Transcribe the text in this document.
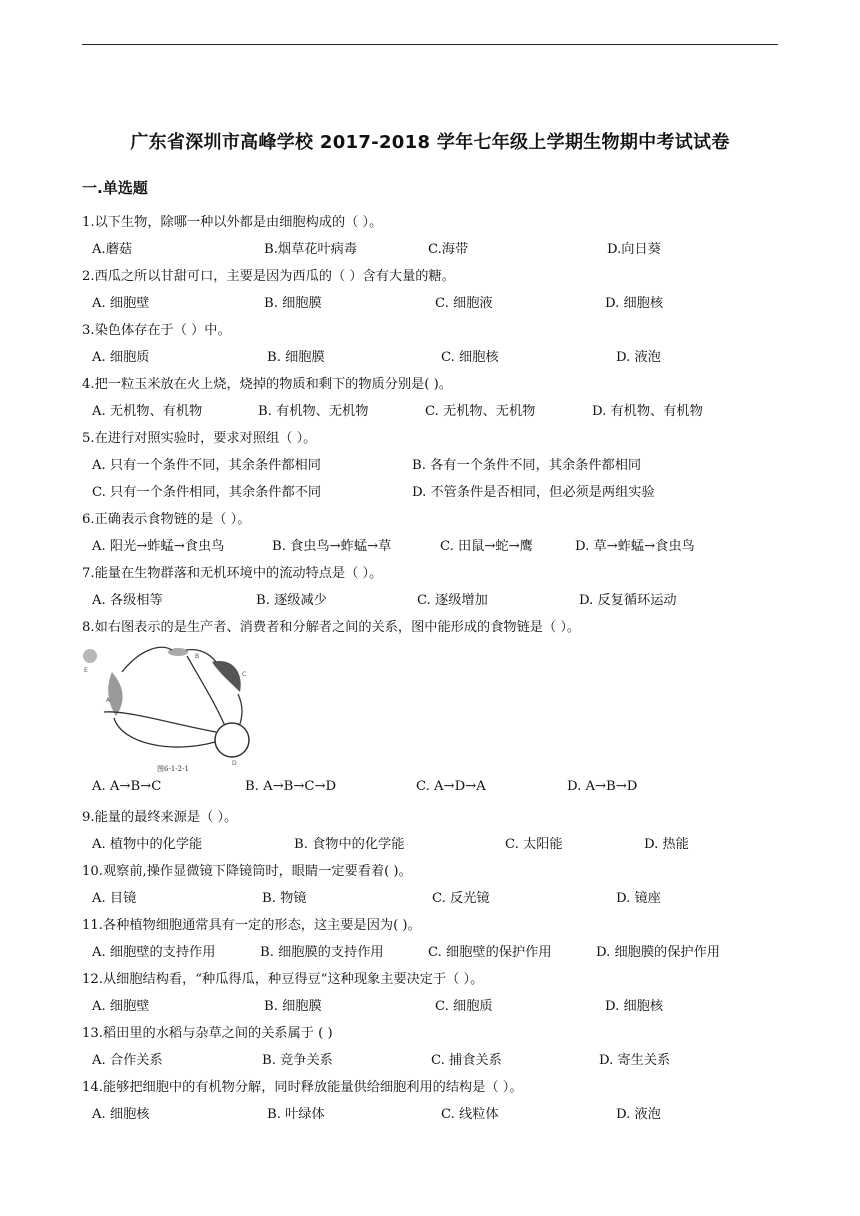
广东省深圳市高峰学校 2017-2018 学年七年级上学期生物期中考试试卷
一.单选题
1.以下生物，除哪一种以外都是由细胞构成的（ ）。
A.蘑菇	B.烟草花叶病毒	C.海带	D.向日葵
2.西瓜之所以甘甜可口，主要是因为西瓜的（ ）含有大量的糖。
A. 细胞壁	B. 细胞膜	C. 细胞液	D. 细胞核
3.染色体存在于（ ）中。
A. 细胞质	B. 细胞膜	C. 细胞核	D. 液泡
4.把一粒玉米放在火上烧，烧掉的物质和剩下的物质分别是( )。
A. 无机物、有机物	B. 有机物、无机物	C. 无机物、无机物	D. 有机物、有机物
5.在进行对照实验时，要求对照组（ ）。
A. 只有一个条件不同，其余条件都相同	B. 各有一个条件不同，其余条件都相同
C. 只有一个条件相同，其余条件都不同	D. 不管条件是否相同，但必须是两组实验
6.正确表示食物链的是（ ）。
A. 阳光→蚱蜢→食虫鸟	B. 食虫鸟→蚱蜢→草	C. 田鼠→蛇→鹰	D. 草→蚱蜢→食虫鸟
7.能量在生物群落和无机环境中的流动特点是（ ）。
A. 各级相等	B. 逐级减少	C. 逐级增加	D. 反复循环运动
8.如右图表示的是生产者、消费者和分解者之间的关系，图中能形成的食物链是（ ）。
E
A
B
C
D
图6-1-2-1
A. A→B→C	B. A→B→C→D	C. A→D→A	D. A→B→D
9.能量的最终来源是（ ）。
A. 植物中的化学能	B. 食物中的化学能	C. 太阳能	D. 热能
10.观察前,操作显微镜下降镜筒时，眼睛一定要看着( )。
A. 目镜	B. 物镜	C. 反光镜	D. 镜座
11.各种植物细胞通常具有一定的形态，这主要是因为( )。
A. 细胞壁的支持作用	B. 细胞膜的支持作用	C. 细胞壁的保护作用	D. 细胞膜的保护作用
12.从细胞结构看，“种瓜得瓜，种豆得豆”这种现象主要决定于（ ）。
A. 细胞壁	B. 细胞膜	C. 细胞质	D. 细胞核
13.稻田里的水稻与杂草之间的关系属于 ( )
A. 合作关系	B. 竞争关系	C. 捕食关系	D. 寄生关系
14.能够把细胞中的有机物分解，同时释放能量供给细胞利用的结构是（ ）。
A. 细胞核	B. 叶绿体	C. 线粒体	D. 液泡
